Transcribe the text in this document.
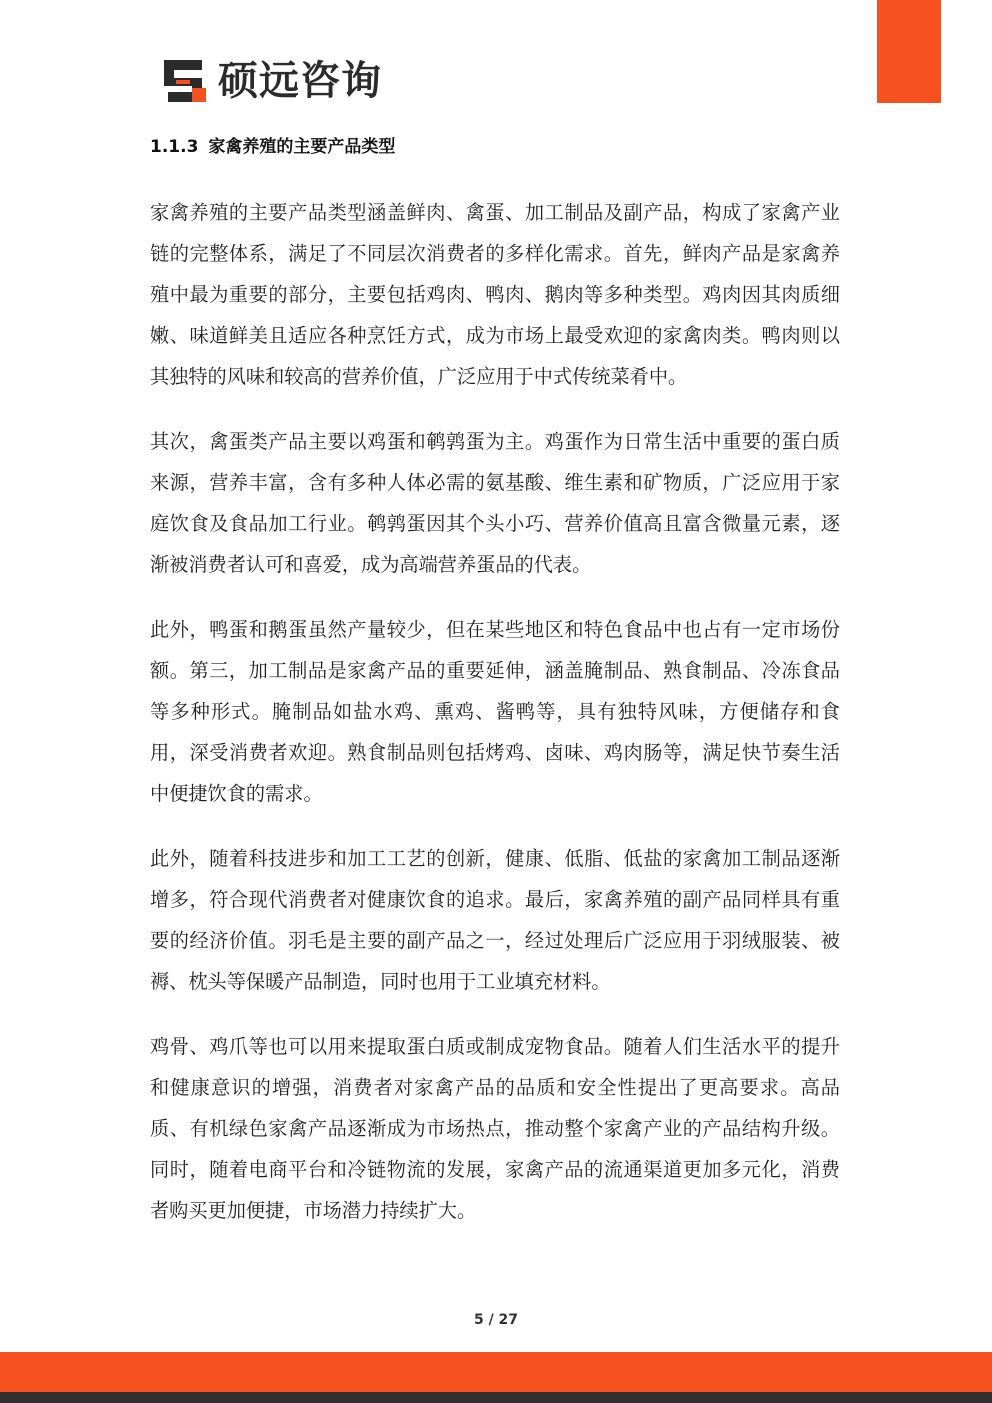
硕远咨询
1.1.3 家禽养殖的主要产品类型

家禽养殖的主要产品类型涵盖鲜肉、禽蛋、加工制品及副产品，构成了家禽产业链的完整体系，满足了不同层次消费者的多样化需求。首先，鲜肉产品是家禽养殖中最为重要的部分，主要包括鸡肉、鸭肉、鹅肉等多种类型。鸡肉因其肉质细嫩、味道鲜美且适应各种烹饪方式，成为市场上最受欢迎的家禽肉类。鸭肉则以其独特的风味和较高的营养价值，广泛应用于中式传统菜肴中。

其次，禽蛋类产品主要以鸡蛋和鹌鹑蛋为主。鸡蛋作为日常生活中重要的蛋白质来源，营养丰富，含有多种人体必需的氨基酸、维生素和矿物质，广泛应用于家庭饮食及食品加工行业。鹌鹑蛋因其个头小巧、营养价值高且富含微量元素，逐渐被消费者认可和喜爱，成为高端营养蛋品的代表。

此外，鸭蛋和鹅蛋虽然产量较少，但在某些地区和特色食品中也占有一定市场份额。第三，加工制品是家禽产品的重要延伸，涵盖腌制品、熟食制品、冷冻食品等多种形式。腌制品如盐水鸡、熏鸡、酱鸭等，具有独特风味，方便储存和食用，深受消费者欢迎。熟食制品则包括烤鸡、卤味、鸡肉肠等，满足快节奏生活中便捷饮食的需求。

此外，随着科技进步和加工工艺的创新，健康、低脂、低盐的家禽加工制品逐渐增多，符合现代消费者对健康饮食的追求。最后，家禽养殖的副产品同样具有重要的经济价值。羽毛是主要的副产品之一，经过处理后广泛应用于羽绒服装、被褥、枕头等保暖产品制造，同时也用于工业填充材料。

鸡骨、鸡爪等也可以用来提取蛋白质或制成宠物食品。随着人们生活水平的提升和健康意识的增强，消费者对家禽产品的品质和安全性提出了更高要求。高品质、有机绿色家禽产品逐渐成为市场热点，推动整个家禽产业的产品结构升级。同时，随着电商平台和冷链物流的发展，家禽产品的流通渠道更加多元化，消费者购买更加便捷，市场潜力持续扩大。

5 / 27
